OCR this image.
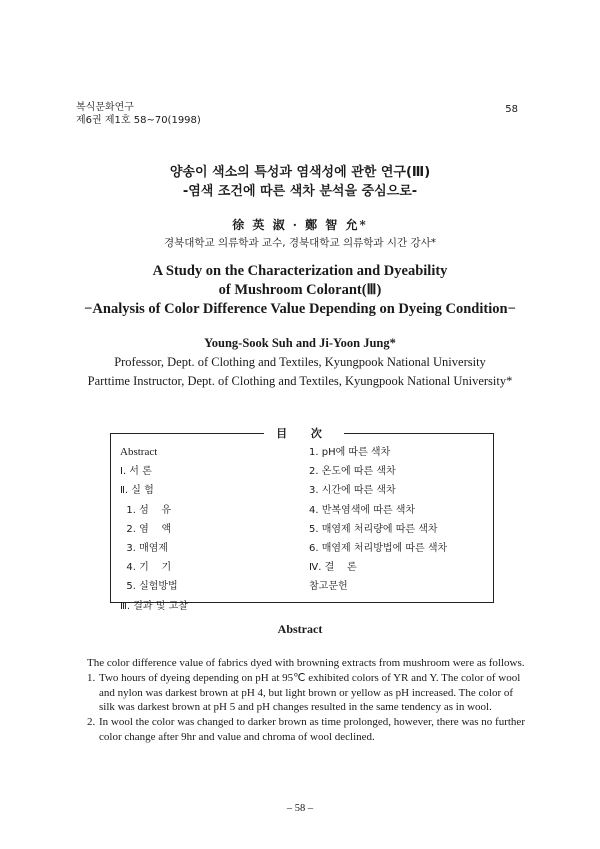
복식문화연구
제6권 제1호 58~70(1998)
58
양송이 색소의 특성과 염색성에 관한 연구(Ⅲ)
-염색 조건에 따른 색차 분석을 중심으로-
徐 英 淑 · 鄭 智 允*
경북대학교 의류학과 교수, 경북대학교 의류학과 시간 강사*
A Study on the Characterization and Dyeability
of Mushroom Colorant(Ⅲ)
−Analysis of Color Difference Value Depending on Dyeing Condition−
Young-Sook Suh and Ji-Yoon Jung*
Professor, Dept. of Clothing and Textiles, Kyungpook National University
Parttime Instructor, Dept. of Clothing and Textiles, Kyungpook National University*
目 次
Abstract
Ⅰ. 서 론
Ⅱ. 실 험
1. 섬    유
2. 염    액
3. 매염제
4. 기    기
5. 실험방법
Ⅲ. 결과 및 고찰
1. pH에 따른 색차
2. 온도에 따른 색차
3. 시간에 따른 색차
4. 반복염색에 따른 색차
5. 매염제 처리량에 따른 색차
6. 매염제 처리방법에 따른 색차
Ⅳ. 결    론
참고문헌
Abstract

The color difference value of fabrics dyed with browning extracts from mushroom were as follows.

1. Two hours of dyeing depending on pH at 95℃ exhibited colors of YR and Y. The color of wool and nylon was darkest brown at pH 4, but light brown or yellow as pH increased. The color of silk was darkest brown at pH 5 and pH changes resulted in the same tendency as in wool.
2. In wool the color was changed to darker brown as time prolonged, however, there was no further color change after 9hr and value and chroma of wool declined.
– 58 –
